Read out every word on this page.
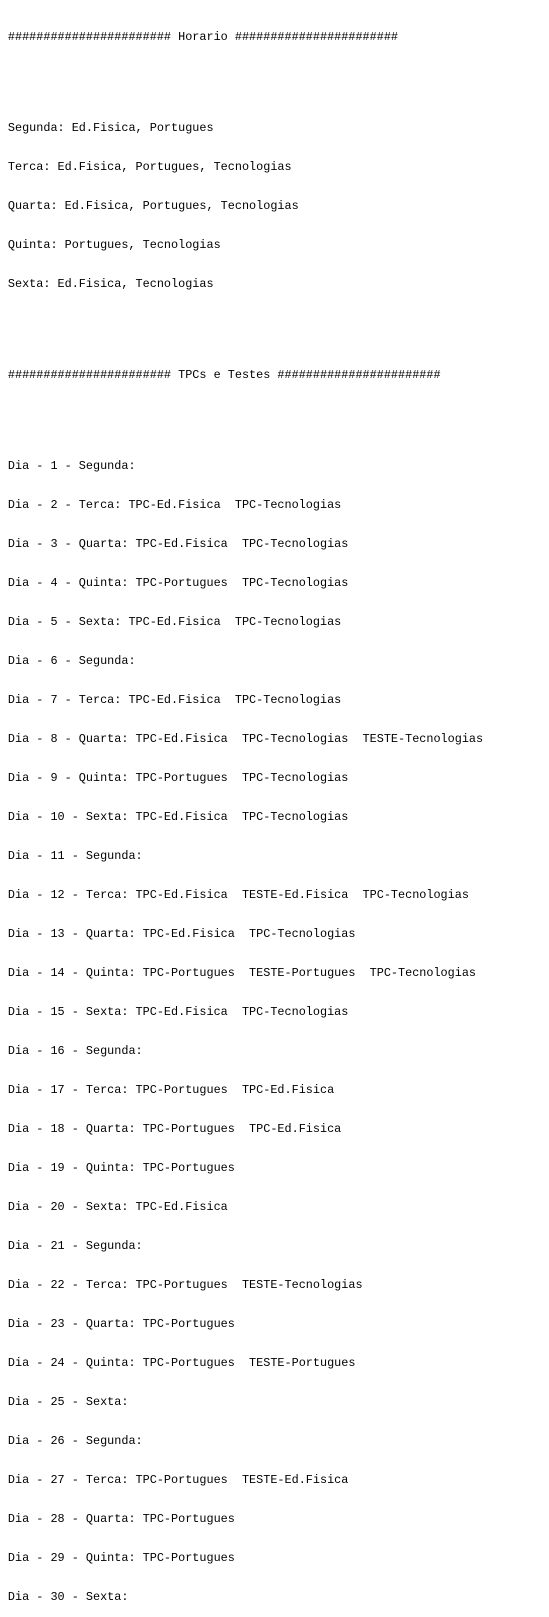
####################### Horario #######################

Segunda: Ed.Fisica, Portugues

Terca: Ed.Fisica, Portugues, Tecnologias

Quarta: Ed.Fisica, Portugues, Tecnologias

Quinta: Portugues, Tecnologias

Sexta: Ed.Fisica, Tecnologias

####################### TPCs e Testes #######################

Dia - 1 - Segunda:

Dia - 2 - Terca: TPC-Ed.Fisica  TPC-Tecnologias

Dia - 3 - Quarta: TPC-Ed.Fisica  TPC-Tecnologias

Dia - 4 - Quinta: TPC-Portugues  TPC-Tecnologias

Dia - 5 - Sexta: TPC-Ed.Fisica  TPC-Tecnologias

Dia - 6 - Segunda:

Dia - 7 - Terca: TPC-Ed.Fisica  TPC-Tecnologias

Dia - 8 - Quarta: TPC-Ed.Fisica  TPC-Tecnologias  TESTE-Tecnologias

Dia - 9 - Quinta: TPC-Portugues  TPC-Tecnologias

Dia - 10 - Sexta: TPC-Ed.Fisica  TPC-Tecnologias

Dia - 11 - Segunda:

Dia - 12 - Terca: TPC-Ed.Fisica  TESTE-Ed.Fisica  TPC-Tecnologias

Dia - 13 - Quarta: TPC-Ed.Fisica  TPC-Tecnologias

Dia - 14 - Quinta: TPC-Portugues  TESTE-Portugues  TPC-Tecnologias

Dia - 15 - Sexta: TPC-Ed.Fisica  TPC-Tecnologias

Dia - 16 - Segunda:

Dia - 17 - Terca: TPC-Portugues  TPC-Ed.Fisica

Dia - 18 - Quarta: TPC-Portugues  TPC-Ed.Fisica

Dia - 19 - Quinta: TPC-Portugues

Dia - 20 - Sexta: TPC-Ed.Fisica

Dia - 21 - Segunda:

Dia - 22 - Terca: TPC-Portugues  TESTE-Tecnologias

Dia - 23 - Quarta: TPC-Portugues

Dia - 24 - Quinta: TPC-Portugues  TESTE-Portugues

Dia - 25 - Sexta:

Dia - 26 - Segunda:

Dia - 27 - Terca: TPC-Portugues  TESTE-Ed.Fisica

Dia - 28 - Quarta: TPC-Portugues

Dia - 29 - Quinta: TPC-Portugues

Dia - 30 - Sexta:
